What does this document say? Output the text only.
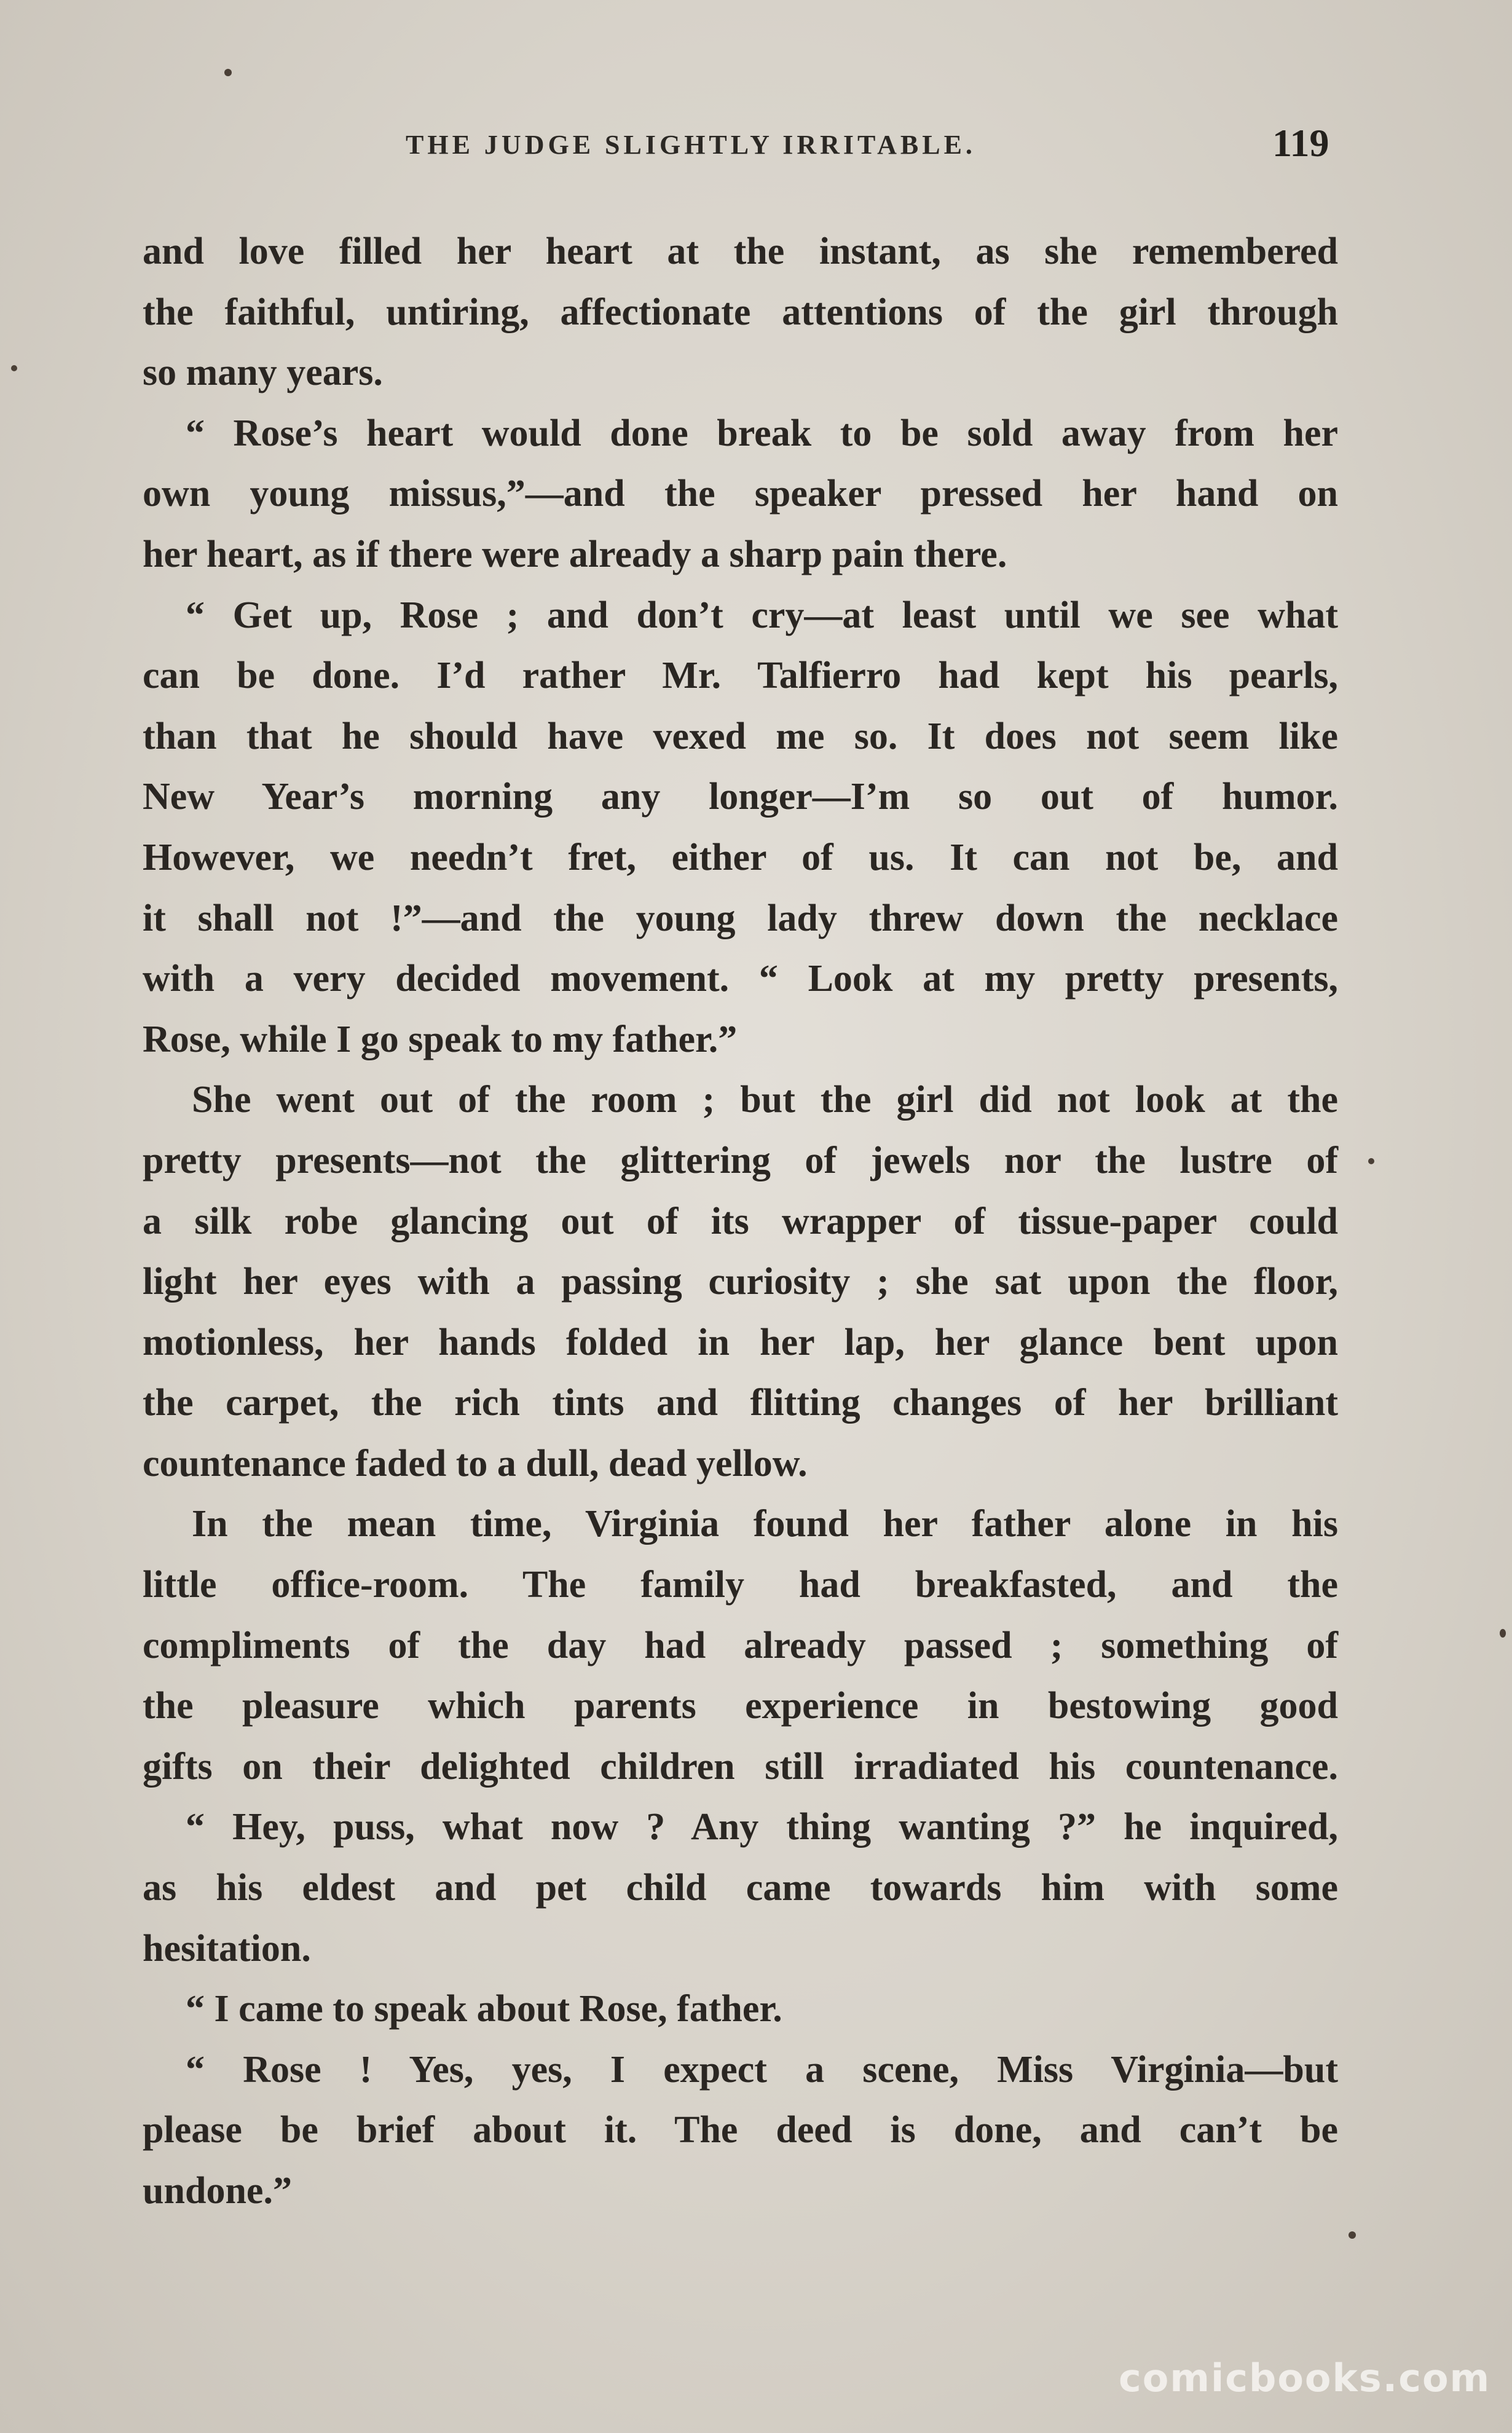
THE JUDGE SLIGHTLY IRRITABLE.	119
and love filled her heart at the instant, as she remembered
the faithful, untiring, affectionate attentions of the girl through
so many years.
“ Rose’s heart would done break to be sold away from her
own young missus,”—and the speaker pressed her hand on
her heart, as if there were already a sharp pain there.
“ Get up, Rose ; and don’t cry—at least until we see what
can be done. I’d rather Mr. Talfierro had kept his pearls,
than that he should have vexed me so. It does not seem like
New Year’s morning any longer—I’m so out of humor.
However, we needn’t fret, either of us. It can not be, and
it shall not !”—and the young lady threw down the necklace
with a very decided movement. “ Look at my pretty presents,
Rose, while I go speak to my father.”
She went out of the room ; but the girl did not look at the
pretty presents—not the glittering of jewels nor the lustre of
a silk robe glancing out of its wrapper of tissue-paper could
light her eyes with a passing curiosity ; she sat upon the floor,
motionless, her hands folded in her lap, her glance bent upon
the carpet, the rich tints and flitting changes of her brilliant
countenance faded to a dull, dead yellow.
In the mean time, Virginia found her father alone in his
little office-room. The family had breakfasted, and the
compliments of the day had already passed ; something of
the pleasure which parents experience in bestowing good
gifts on their delighted children still irradiated his countenance.
“ Hey, puss, what now ? Any thing wanting ?” he inquired,
as his eldest and pet child came towards him with some
hesitation.
“ I came to speak about Rose, father.
“ Rose ! Yes, yes, I expect a scene, Miss Virginia—but
please be brief about it. The deed is done, and can’t be
undone.”
comicbooks.com
